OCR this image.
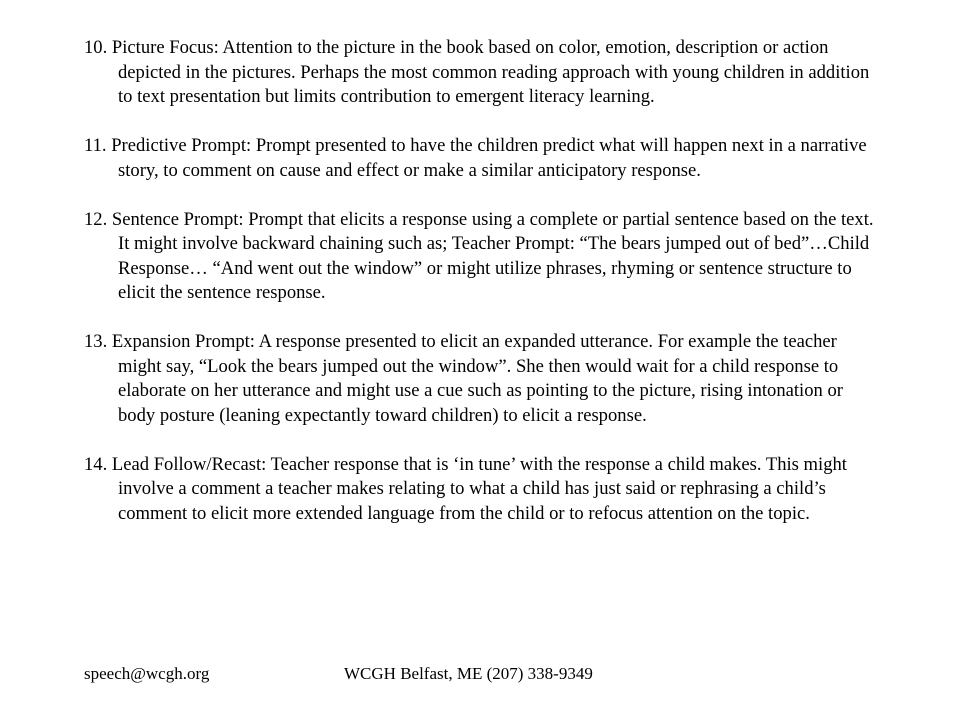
10. Picture Focus: Attention to the picture in the book based on color, emotion, description or action depicted in the pictures. Perhaps the most common reading approach with young children in addition to text presentation but limits contribution to emergent literacy learning.

11. Predictive Prompt: Prompt presented to have the children predict what will happen next in a narrative story, to comment on cause and effect or make a similar anticipatory response.

12. Sentence Prompt: Prompt that elicits a response using a complete or partial sentence based on the text. It might involve backward chaining such as; Teacher Prompt: “The bears jumped out of bed”…Child Response… “And went out the window” or might utilize phrases, rhyming or sentence structure to elicit the sentence response.

13. Expansion Prompt: A response presented to elicit an expanded utterance. For example the teacher might say, “Look the bears jumped out the window”. She then would wait for a child response to elaborate on her utterance and might use a cue such as pointing to the picture, rising intonation or body posture (leaning expectantly toward children) to elicit a response.

14. Lead Follow/Recast: Teacher response that is ‘in tune’ with the response a child makes. This might involve a comment a teacher makes relating to what a child has just said or rephrasing a child’s comment to elicit more extended language from the child or to refocus attention on the topic.

speech@wcgh.org	WCGH Belfast, ME (207) 338-9349
